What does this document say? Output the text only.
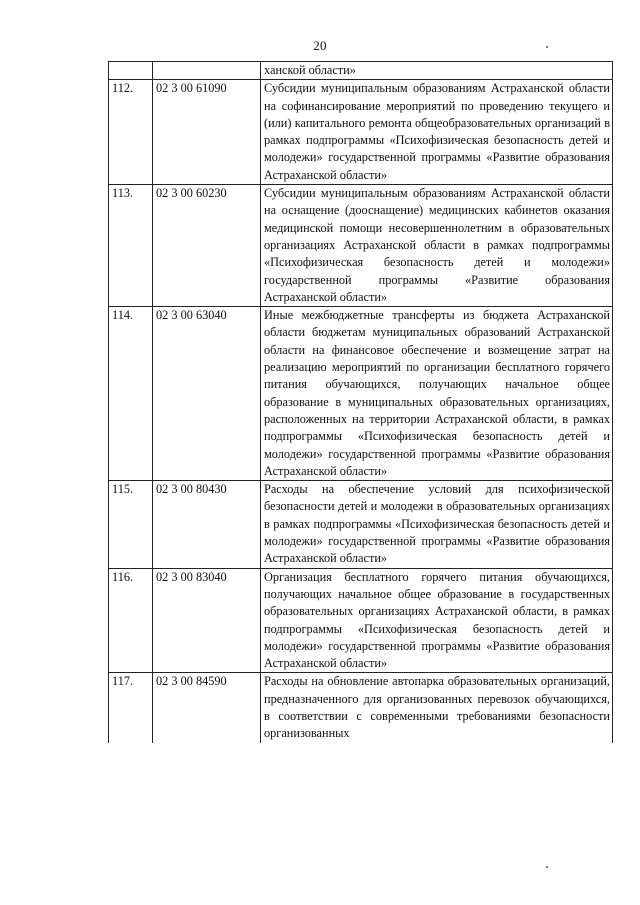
20
		ханской области»
112.	02 3 00 61090	Субсидии муниципальным образованиям Астраханской области на софинансирование мероприятий по проведению текущего и (или) капитального ремонта общеобразовательных организаций в рамках подпрограммы «Психофизическая безопасность детей и молодежи» государственной программы «Развитие образования Астраханской области»
113.	02 3 00 60230	Субсидии муниципальным образованиям Астраханской области на оснащение (дооснащение) медицинских кабинетов оказания медицинской помощи несовершеннолетним в образовательных организациях Астраханской области в рамках подпрограммы «Психофизическая безопасность детей и молодежи» государственной программы «Развитие образования Астраханской области»
114.	02 3 00 63040	Иные межбюджетные трансферты из бюджета Астраханской области бюджетам муниципальных образований Астраханской области на финансовое обеспечение и возмещение затрат на реализацию мероприятий по организации бесплатного горячего питания обучающихся, получающих начальное общее образование в муниципальных образовательных организациях, расположенных на территории Астраханской области, в рамках подпрограммы «Психофизическая безопасность детей и молодежи» государственной программы «Развитие образования Астраханской области»
115.	02 3 00 80430	Расходы на обеспечение условий для психофизической безопасности детей и молодежи в образовательных организациях в рамках подпрограммы «Психофизическая безопасность детей и молодежи» государственной программы «Развитие образования Астраханской области»
116.	02 3 00 83040	Организация бесплатного горячего питания обучающихся, получающих начальное общее образование в государственных образовательных организациях Астраханской области, в рамках подпрограммы «Психофизическая безопасность детей и молодежи» государственной программы «Развитие образования Астраханской области»
117.	02 3 00 84590	Расходы на обновление автопарка образовательных организаций, предназначенного для организованных перевозок обучающихся, в соответствии с современными требованиями безопасности организованных
